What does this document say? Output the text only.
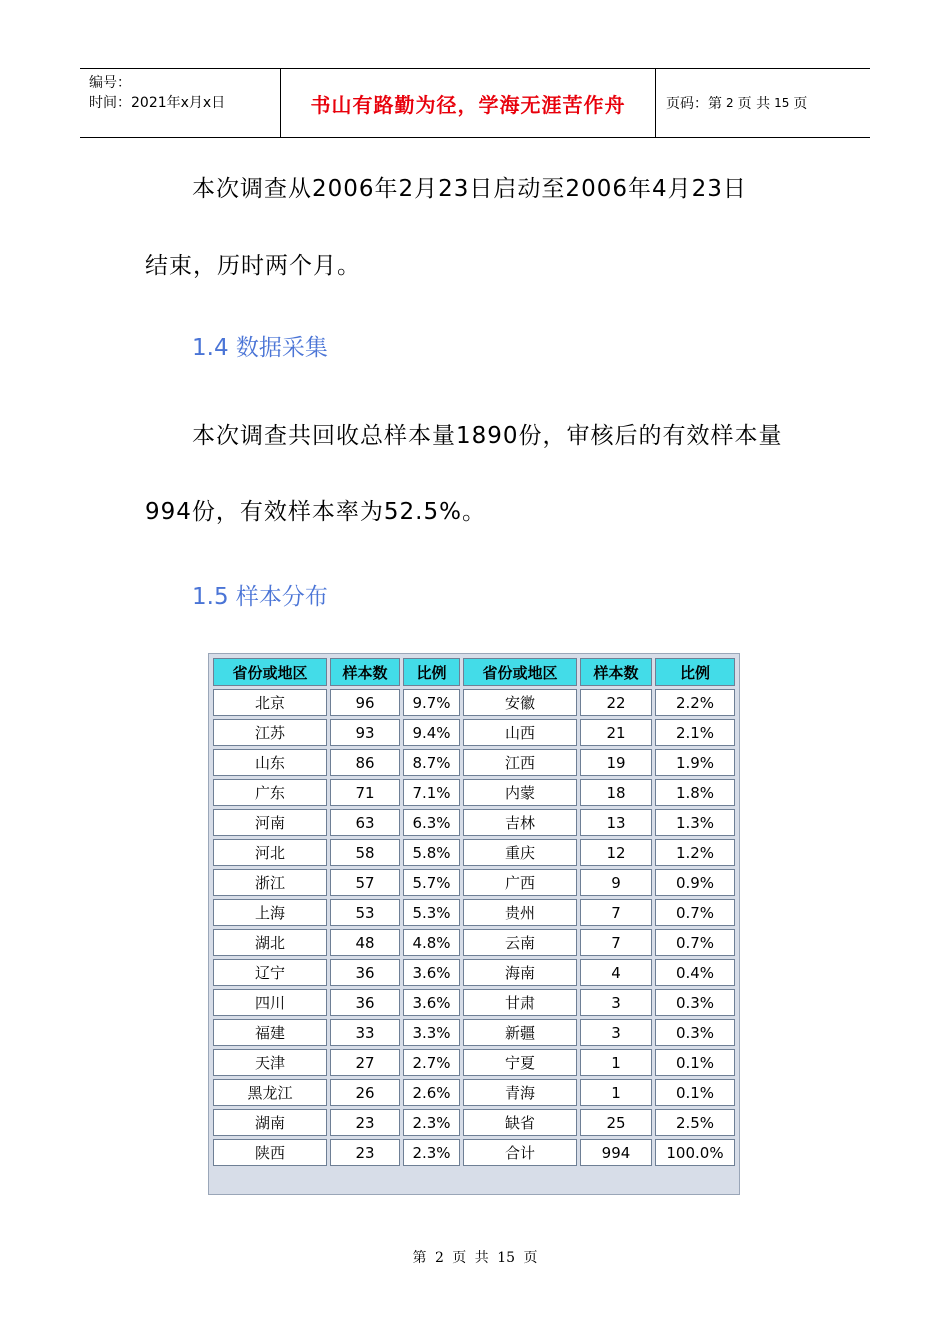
编号：
时间：2021年x月x日	书山有路勤为径，学海无涯苦作舟	页码：第 2 页 共 15 页
本次调查从2006年2月23日启动至2006年4月23日
结束，历时两个月。
1.4 数据采集
本次调查共回收总样本量1890份，审核后的有效样本量
994份，有效样本率为52.5%。
1.5 样本分布
省份或地区	样本数	比例	省份或地区	样本数	比例
北京	96	9.7%	安徽	22	2.2%
江苏	93	9.4%	山西	21	2.1%
山东	86	8.7%	江西	19	1.9%
广东	71	7.1%	内蒙	18	1.8%
河南	63	6.3%	吉林	13	1.3%
河北	58	5.8%	重庆	12	1.2%
浙江	57	5.7%	广西	9	0.9%
上海	53	5.3%	贵州	7	0.7%
湖北	48	4.8%	云南	7	0.7%
辽宁	36	3.6%	海南	4	0.4%
四川	36	3.6%	甘肃	3	0.3%
福建	33	3.3%	新疆	3	0.3%
天津	27	2.7%	宁夏	1	0.1%
黑龙江	26	2.6%	青海	1	0.1%
湖南	23	2.3%	缺省	25	2.5%
陕西	23	2.3%	合计	994	100.0%
第 2 页 共 15 页
